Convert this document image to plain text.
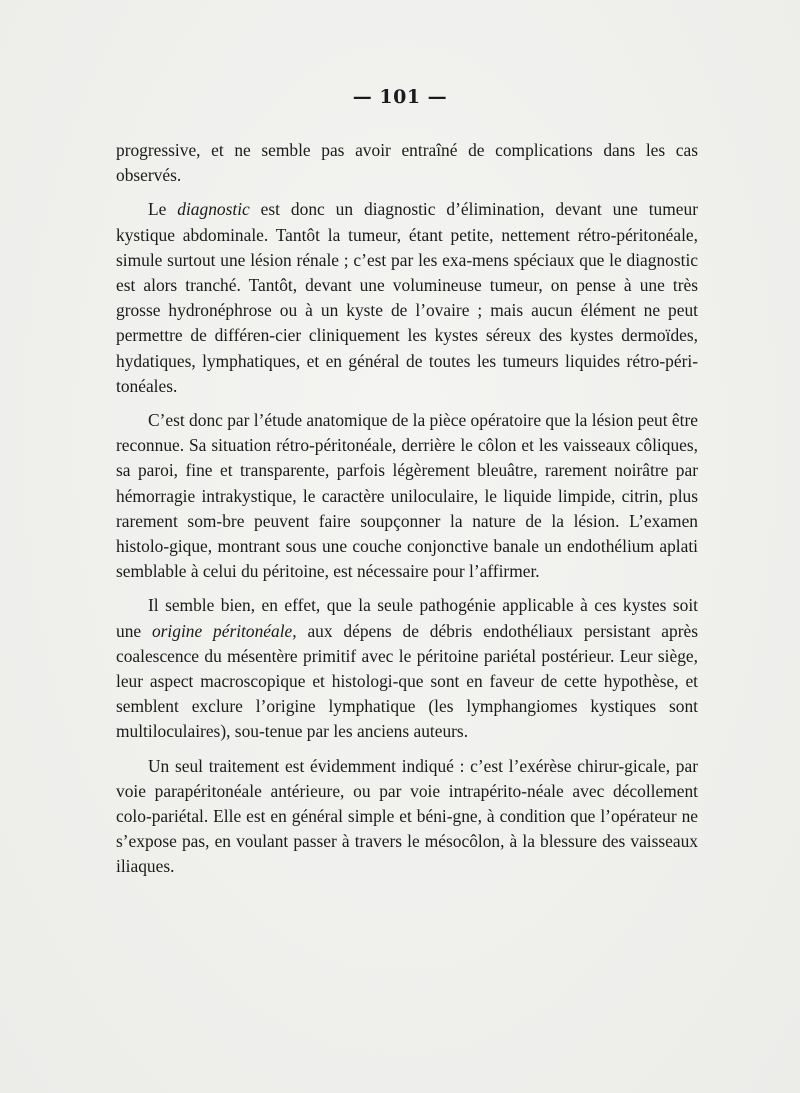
— 101 —

progressive, et ne semble pas avoir entraîné de complications dans les cas observés.

Le diagnostic est donc un diagnostic d’élimination, devant une tumeur kystique abdominale. Tantôt la tumeur, étant petite, nettement rétro-péritonéale, simule surtout une lésion rénale ; c’est par les exa-mens spéciaux que le diagnostic est alors tranché. Tantôt, devant une volumineuse tumeur, on pense à une très grosse hydronéphrose ou à un kyste de l’ovaire ; mais aucun élément ne peut permettre de différen-cier cliniquement les kystes séreux des kystes dermoïdes, hydatiques, lymphatiques, et en général de toutes les tumeurs liquides rétro-péri-tonéales.

C’est donc par l’étude anatomique de la pièce opératoire que la lésion peut être reconnue. Sa situation rétro-péritonéale, derrière le côlon et les vaisseaux côliques, sa paroi, fine et transparente, parfois légèrement bleuâtre, rarement noirâtre par hémorragie intrakystique, le caractère uniloculaire, le liquide limpide, citrin, plus rarement som-bre peuvent faire soupçonner la nature de la lésion. L’examen histolo-gique, montrant sous une couche conjonctive banale un endothélium aplati semblable à celui du péritoine, est nécessaire pour l’affirmer.

Il semble bien, en effet, que la seule pathogénie applicable à ces kystes soit une origine péritonéale, aux dépens de débris endothéliaux persistant après coalescence du mésentère primitif avec le péritoine pariétal postérieur. Leur siège, leur aspect macroscopique et histologi-que sont en faveur de cette hypothèse, et semblent exclure l’origine lymphatique (les lymphangiomes kystiques sont multiloculaires), sou-tenue par les anciens auteurs.

Un seul traitement est évidemment indiqué : c’est l’exérèse chirur-gicale, par voie parapéritonéale antérieure, ou par voie intrapérito-néale avec décollement colo-pariétal. Elle est en général simple et béni-gne, à condition que l’opérateur ne s’expose pas, en voulant passer à travers le mésocôlon, à la blessure des vaisseaux iliaques.
